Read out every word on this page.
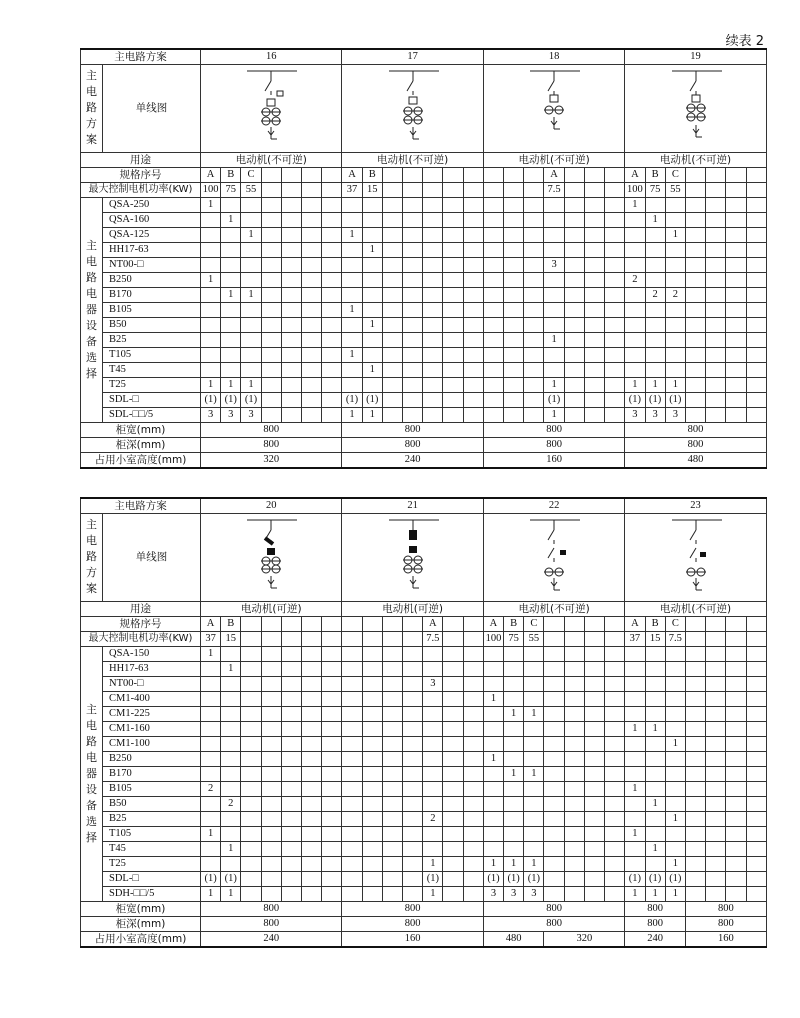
续表 2
主电路方案		16							17							18							19						
主电路方案	单线图				
用途		电动机(不可逆)							电动机(不可逆)							电动机(不可逆)							电动机(不可逆)						
规格序号		A	B	C					A	B									A				A	B	C				
最大控制电机功率(KW)		100	75	55					37	15									7.5				100	75	55				
主电路电器设备选择	QSA-250	1																					1						
	QSA-160		1																					1					
	QSA-125			1					1																1				
	HH17-63									1																			
	NT00-□																		3										
	B250	1																					2						
	B170		1	1																				2	2				
	B105								1																				
	B50									1																			
	B25																		1										
	T105								1																				
	T45									1																			
	T25	1	1	1															1				1	1	1				
	SDL-□	(1)	(1)	(1)					(1)	(1)									(1)				(1)	(1)	(1)				
	SDL-□□/5	3	3	3					1	1									1				3	3	3				
柜宽(mm)		800							800							800							800						
柜深(mm)		800							800							800							800						
占用小室高度(mm)		320							240							160							480						
主电路方案		20							21							22							23						
主电路方案	单线图				
用途		电动机(可逆)							电动机(可逆)							电动机(不可逆)							电动机(不可逆)						
规格序号		A	B										A			A	B	C					A	B	C				
最大控制电机功率(KW)		37	15										7.5			100	75	55					37	15	7.5				
主电路电器设备选择	QSA-150	1																											
	HH17-63		1																										
	NT00-□												3																
	CM1-400															1													
	CM1-225																1	1											
	CM1-160																						1	1					
	CM1-100																								1				
	B250															1													
	B170																1	1											
	B105	2																					1						
	B50		2																					1					
	B25												2												1				
	T105	1																					1						
	T45		1																					1					
	T25												1			1	1	1							1				
	SDL-□	(1)	(1)										(1)			(1)	(1)	(1)					(1)	(1)	(1)				
	SDH-□□/5	1	1										1			3	3	3					1	1	1				
柜宽(mm)		800							800							800							800			800			
柜深(mm)		800							800							800							800			800			
占用小室高度(mm)		240							160							480			320				240			160			
